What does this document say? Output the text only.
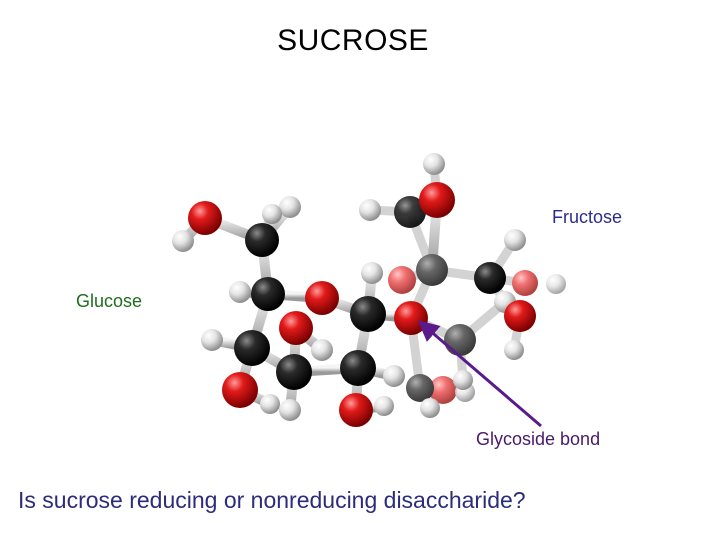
SUCROSE
Fructose
Glucose
Glycoside bond
Is sucrose reducing or nonreducing disaccharide?
